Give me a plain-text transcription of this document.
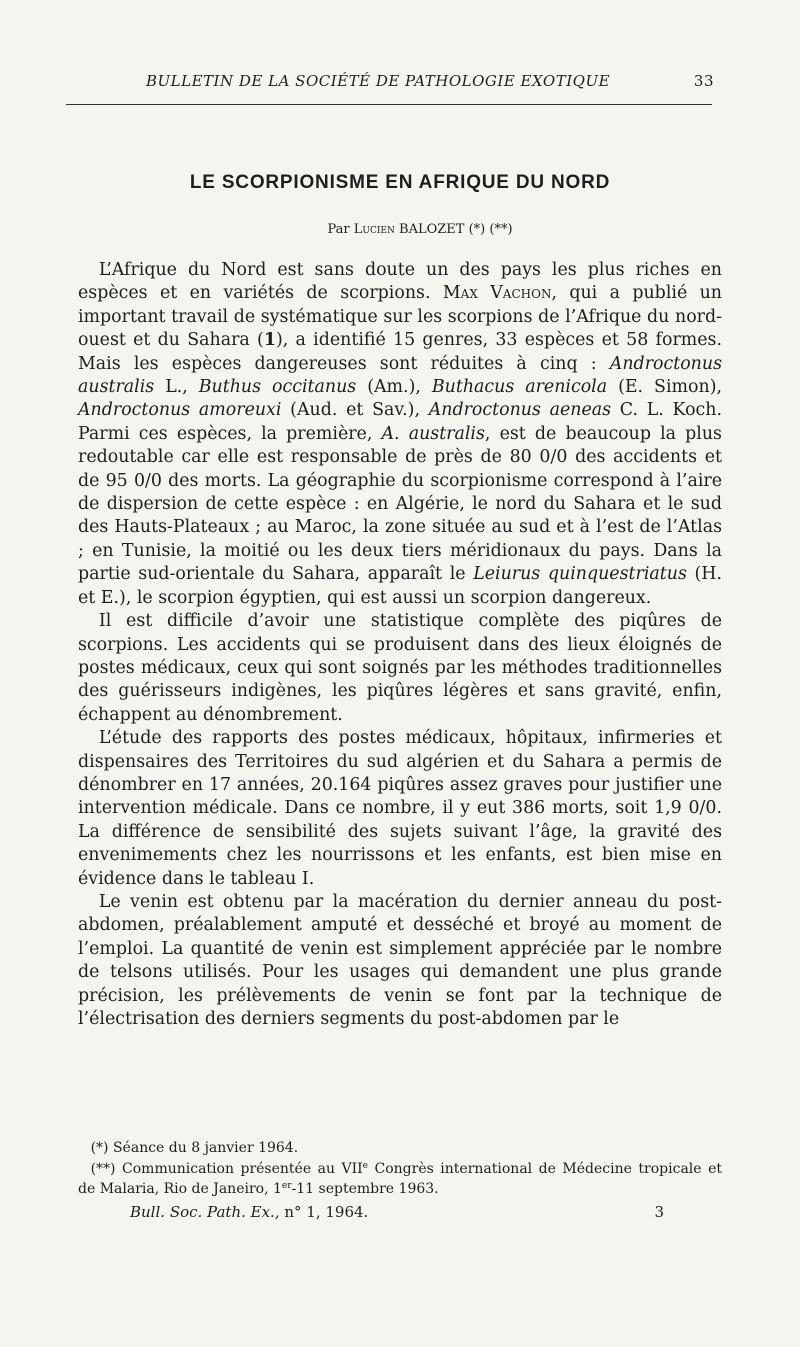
BULLETIN DE LA SOCIÉTÉ DE PATHOLOGIE EXOTIQUE	33
LE SCORPIONISME EN AFRIQUE DU NORD
Par Lucien BALOZET (*) (**)

L’Afrique du Nord est sans doute un des pays les plus riches en espèces et en variétés de scorpions. Max Vachon, qui a publié un important travail de systématique sur les scorpions de l’Afrique du nord-ouest et du Sahara (1), a identifié 15 genres, 33 espèces et 58 formes. Mais les espèces dangereuses sont réduites à cinq : Androctonus australis L., Buthus occitanus (Am.), Buthacus arenicola (E. Simon), Androctonus amoreuxi (Aud. et Sav.), Androctonus aeneas C. L. Koch. Parmi ces espèces, la première, A. australis, est de beaucoup la plus redoutable car elle est responsable de près de 80 0/0 des accidents et de 95 0/0 des morts. La géographie du scorpionisme correspond à l’aire de dispersion de cette espèce : en Algérie, le nord du Sahara et le sud des Hauts-Plateaux ; au Maroc, la zone située au sud et à l’est de l’Atlas ; en Tunisie, la moitié ou les deux tiers méridionaux du pays. Dans la partie sud-orientale du Sahara, apparaît le Leiurus quinquestriatus (H. et E.), le scorpion égyptien, qui est aussi un scorpion dangereux.

Il est difficile d’avoir une statistique complète des piqûres de scorpions. Les accidents qui se produisent dans des lieux éloignés de postes médicaux, ceux qui sont soignés par les méthodes traditionnelles des guérisseurs indigènes, les piqûres légères et sans gravité, enfin, échappent au dénombrement.

L’étude des rapports des postes médicaux, hôpitaux, infirmeries et dispensaires des Territoires du sud algérien et du Sahara a permis de dénombrer en 17 années, 20.164 piqûres assez graves pour justifier une intervention médicale. Dans ce nombre, il y eut 386 morts, soit 1,9 0/0. La différence de sensibilité des sujets suivant l’âge, la gravité des envenimements chez les nourrissons et les enfants, est bien mise en évidence dans le tableau I.

Le venin est obtenu par la macération du dernier anneau du post-abdomen, préalablement amputé et desséché et broyé au moment de l’emploi. La quantité de venin est simplement appréciée par le nombre de telsons utilisés. Pour les usages qui demandent une plus grande précision, les prélèvements de venin se font par la technique de l’électrisation des derniers segments du post-abdomen par le

(*) Séance du 8 janvier 1964.

(**) Communication présentée au VIIe Congrès international de Médecine tropicale et de Malaria, Rio de Janeiro, 1er-11 septembre 1963.

Bull. Soc. Path. Ex., n° 1, 1964.	3
